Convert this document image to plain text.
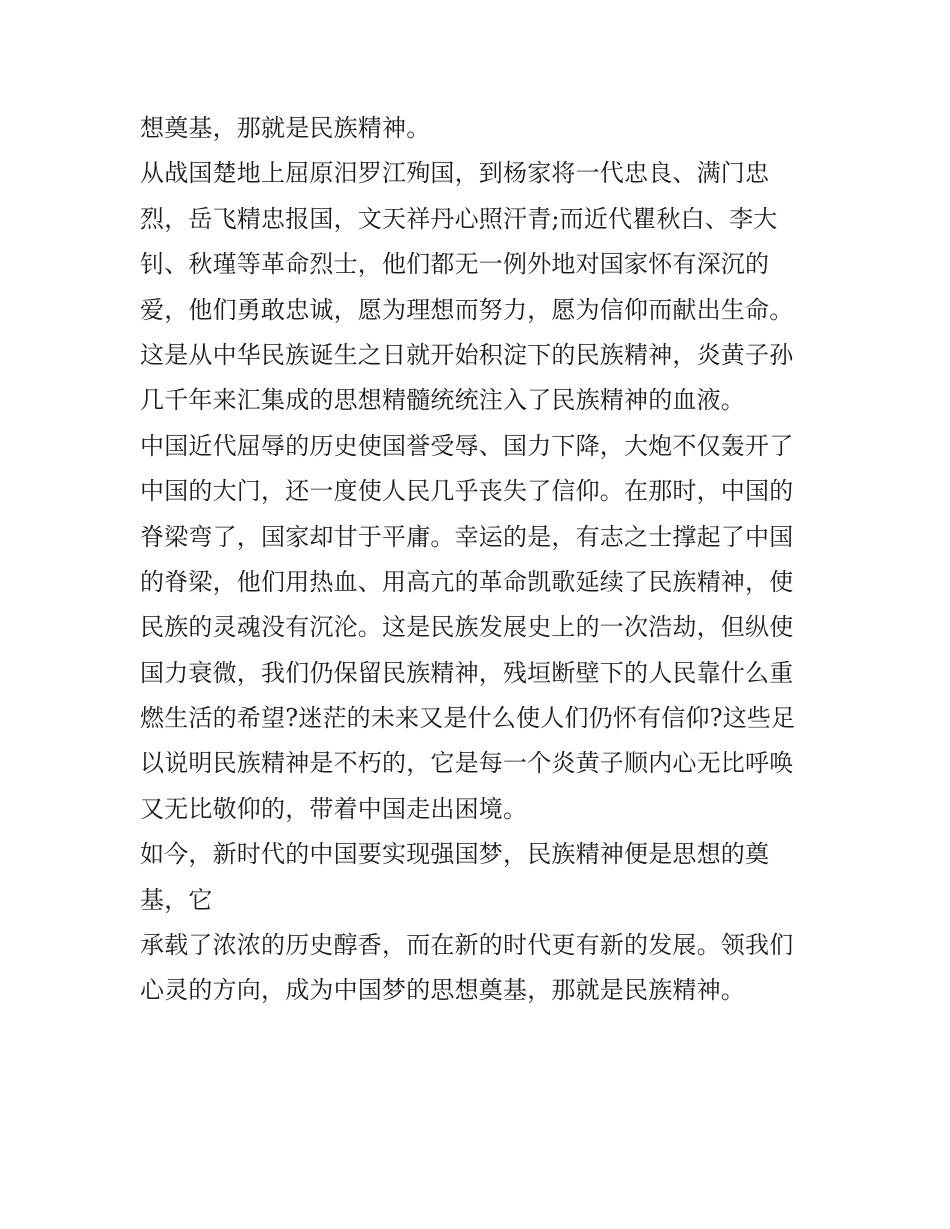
想奠基，那就是民族精神。
从战国楚地上屈原汨罗江殉国，到杨家将一代忠良、满门忠
烈，岳飞精忠报国，文天祥丹心照汗青;而近代瞿秋白、李大
钊、秋瑾等革命烈士，他们都无一例外地对国家怀有深沉的
爱，他们勇敢忠诚，愿为理想而努力，愿为信仰而献出生命。
这是从中华民族诞生之日就开始积淀下的民族精神，炎黄子孙
几千年来汇集成的思想精髓统统注入了民族精神的血液。
中国近代屈辱的历史使国誉受辱、国力下降，大炮不仅轰开了
中国的大门，还一度使人民几乎丧失了信仰。在那时，中国的
脊梁弯了，国家却甘于平庸。幸运的是，有志之士撑起了中国
的脊梁，他们用热血、用高亢的革命凯歌延续了民族精神，使
民族的灵魂没有沉沦。这是民族发展史上的一次浩劫，但纵使
国力衰微，我们仍保留民族精神，残垣断壁下的人民靠什么重
燃生活的希望?迷茫的未来又是什么使人们仍怀有信仰?这些足
以说明民族精神是不朽的，它是每一个炎黄子顺内心无比呼唤
又无比敬仰的，带着中国走出困境。
如今，新时代的中国要实现强国梦，民族精神便是思想的奠
基，它
承载了浓浓的历史醇香，而在新的时代更有新的发展。领我们
心灵的方向，成为中国梦的思想奠基，那就是民族精神。
